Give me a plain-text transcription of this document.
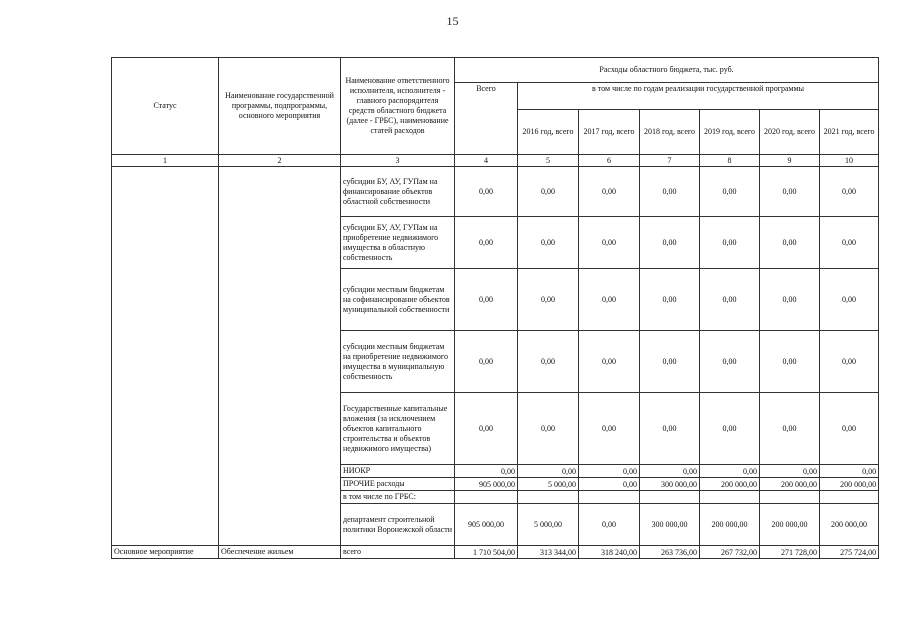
15
Статус	Наименование государственной программы, подпрограммы, основного мероприятия	Наименование ответственного исполнителя, исполнителя - главного распорядителя средств областного бюджета (далее - ГРБС), наименование статей расходов	Расходы областного бюджета, тыс. руб.						
			Всего	в том числе по годам реализации государственной программы					
				2016 год, всего	2017 год, всего	2018 год, всего	2019 год, всего	2020 год, всего	2021 год, всего
1	2	3	4	5	6	7	8	9	10
		субсидии БУ, АУ, ГУПам на финансирование объектов областной собственности	0,00	0,00	0,00	0,00	0,00	0,00	0,00
		субсидии БУ, АУ, ГУПам на приобретение недвижимого имущества в областную собственность	0,00	0,00	0,00	0,00	0,00	0,00	0,00
		субсидии местным бюджетам на софинансирование объектов муниципальной собственности	0,00	0,00	0,00	0,00	0,00	0,00	0,00
		субсидии местным бюджетам на приобретение недвижимого имущества в муниципальную собственность	0,00	0,00	0,00	0,00	0,00	0,00	0,00
		Государственные капитальные вложения (за исключением объектов капитального строительства и объектов недвижимого имущества)	0,00	0,00	0,00	0,00	0,00	0,00	0,00
		НИОКР	0,00	0,00	0,00	0,00	0,00	0,00	0,00
		ПРОЧИЕ расходы	905 000,00	5 000,00	0,00	300 000,00	200 000,00	200 000,00	200 000,00
		в том числе по ГРБС:							
		департамент строительной политики Воронежской области	905 000,00	5 000,00	0,00	300 000,00	200 000,00	200 000,00	200 000,00
Основное мероприятие	Обеспечение жильем	всего	1 710 504,00	313 344,00	318 240,00	263 736,00	267 732,00	271 728,00	275 724,00
